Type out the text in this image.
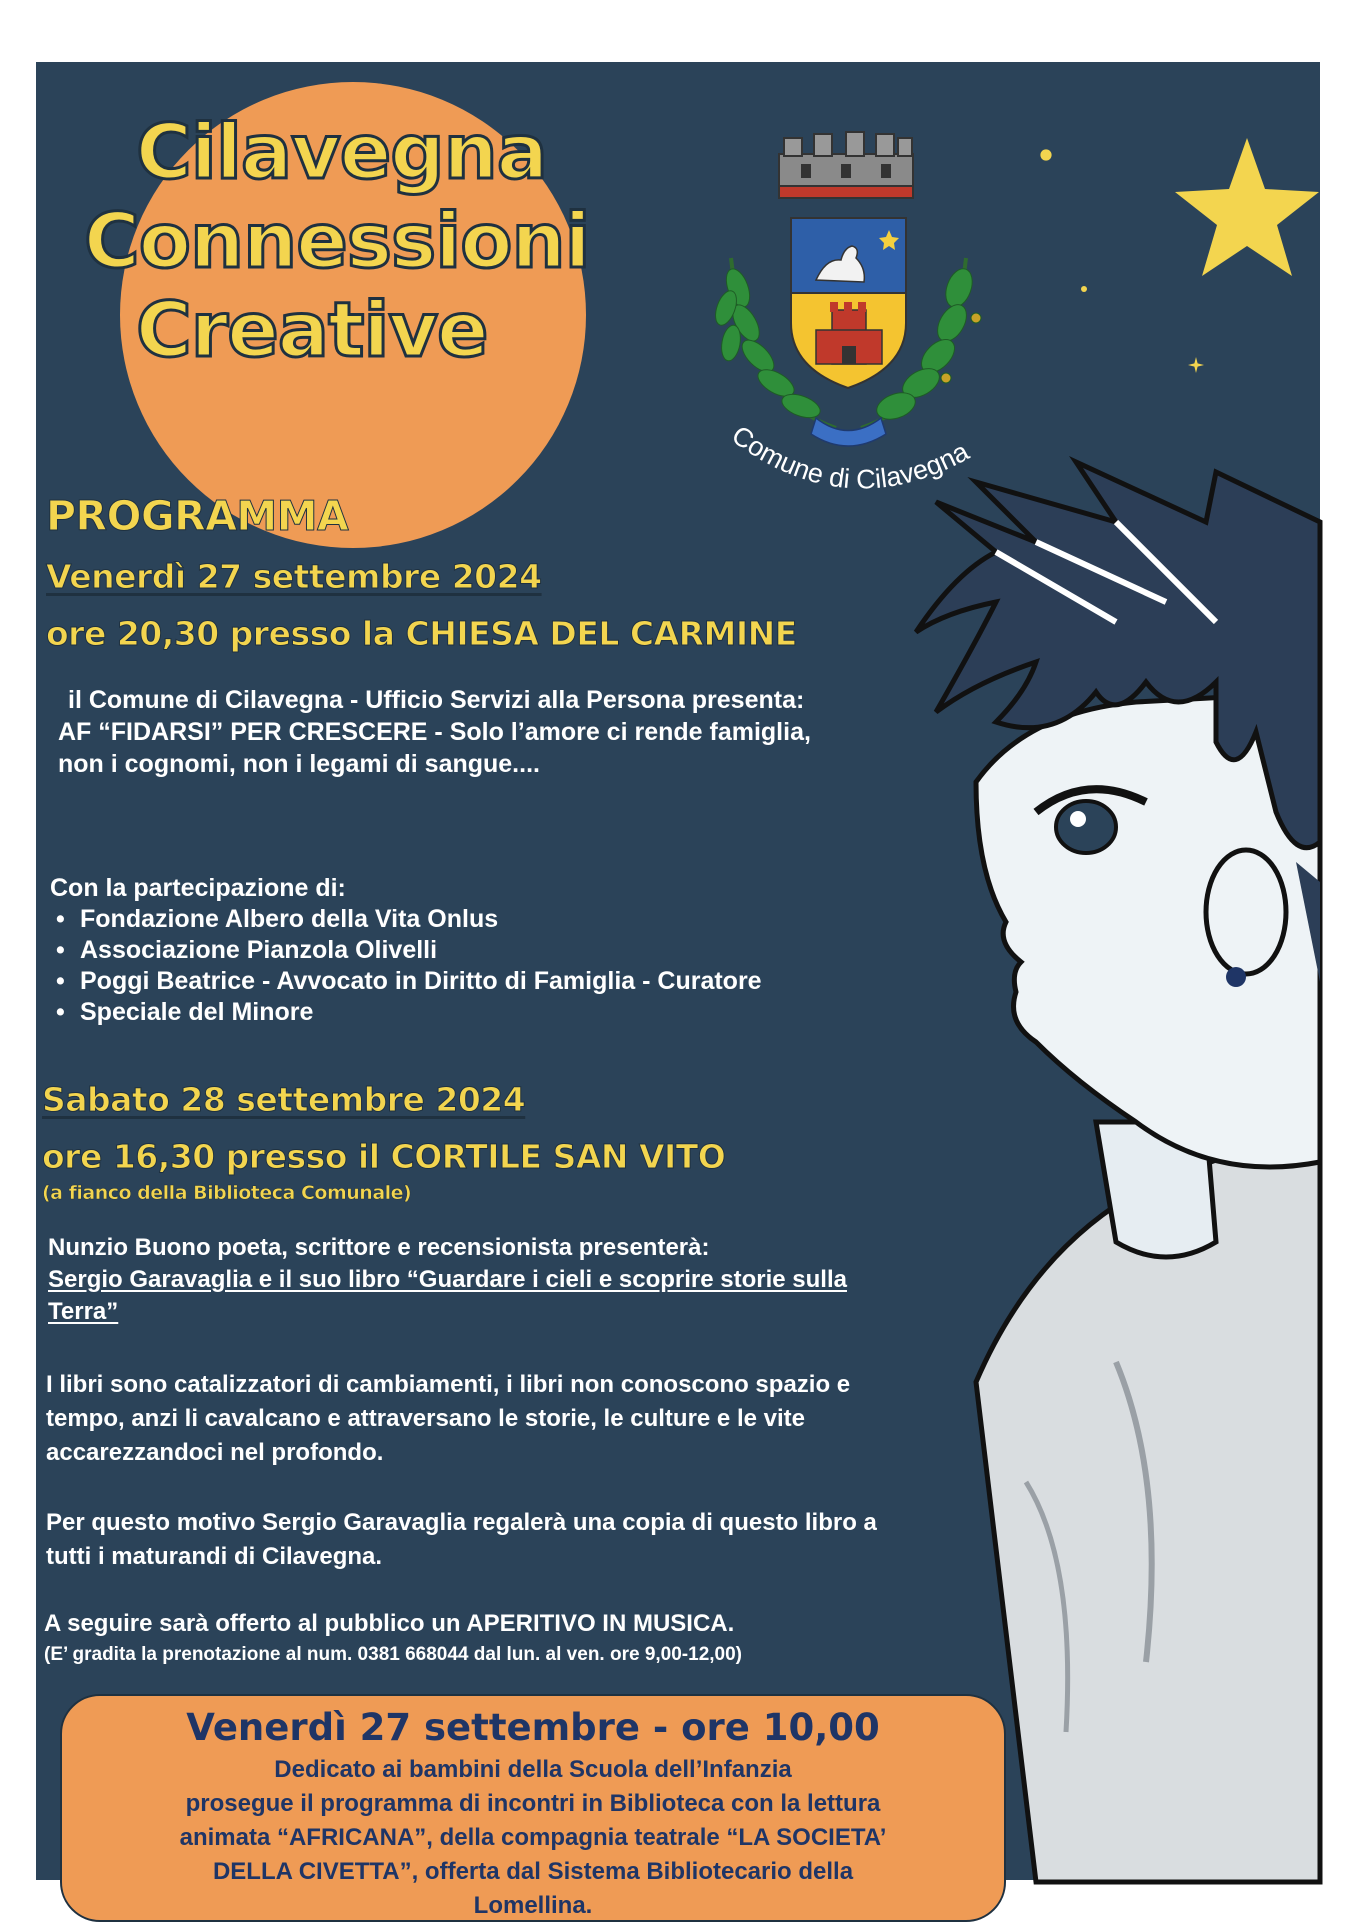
Cilavegna
Connessioni
Creative
Comune di Cilavegna
PROGRAMMA
Venerdì 27 settembre 2024
ore 20,30 presso la CHIESA DEL CARMINE
il Comune di Cilavegna - Ufficio Servizi alla Persona presenta:
AF “FIDARSI” PER CRESCERE - Solo l’amore ci rende famiglia,
non i cognomi, non i legami di sangue....

Con la partecipazione di:

• Fondazione Albero della Vita Onlus
• Associazione Pianzola Olivelli
• Poggi Beatrice - Avvocato in Diritto di Famiglia - Curatore
• Speciale del Minore
Sabato 28 settembre 2024
ore 16,30 presso il CORTILE SAN VITO

(a fianco della Biblioteca Comunale)

Nunzio Buono poeta, scrittore e recensionista presenterà:
Sergio Garavaglia e il suo libro “Guardare i cieli e scoprire storie sulla
Terra”
I libri sono catalizzatori di cambiamenti, i libri non conoscono spazio e
tempo, anzi li cavalcano e attraversano le storie, le culture e le vite
accarezzandoci nel profondo.
Per questo motivo Sergio Garavaglia regalerà una copia di questo libro a
tutti i maturandi di Cilavegna.

A seguire sarà offerto al pubblico un APERITIVO IN MUSICA.

(E’ gradita la prenotazione al num. 0381 668044 dal lun. al ven. ore 9,00-12,00)

Venerdì 27 settembre - ore 10,00

Dedicato ai bambini della Scuola dell’Infanzia

prosegue il programma di incontri in Biblioteca con la lettura

animata “AFRICANA”, della compagnia teatrale “LA SOCIETA’

DELLA CIVETTA”, offerta dal Sistema Bibliotecario della

Lomellina.
